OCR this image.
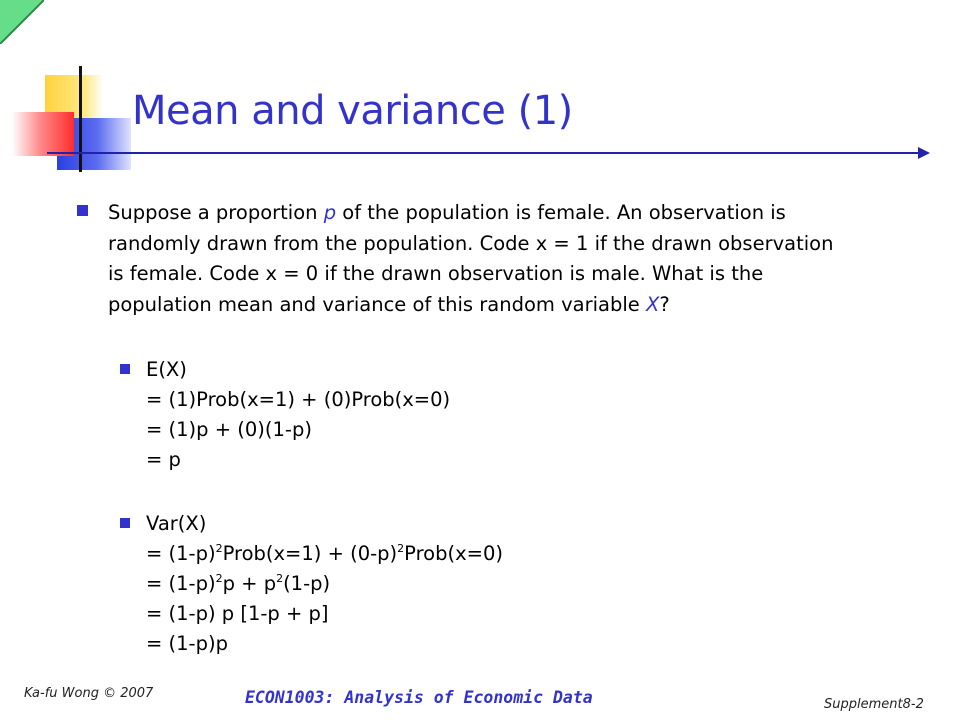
Mean and variance (1)
Suppose a proportion p of the population is female. An observation is
randomly drawn from the population. Code x = 1 if the drawn observation
is female. Code x = 0 if the drawn observation is male. What is the
population mean and variance of this random variable X?
E(X)
= (1)Prob(x=1) + (0)Prob(x=0)
= (1)p + (0)(1-p)
= p
Var(X)
= $(1-p)^2Prob(x=1)$ + $(0-p)^2Prob(x=0)$
= $(1-p)^2p + p^2(1-p)$
= (1-p) p [1-p + p]
= (1-p)p
Ka-fu Wong © 2007	ECON1003: Analysis of Economic Data	Supplement8-2
